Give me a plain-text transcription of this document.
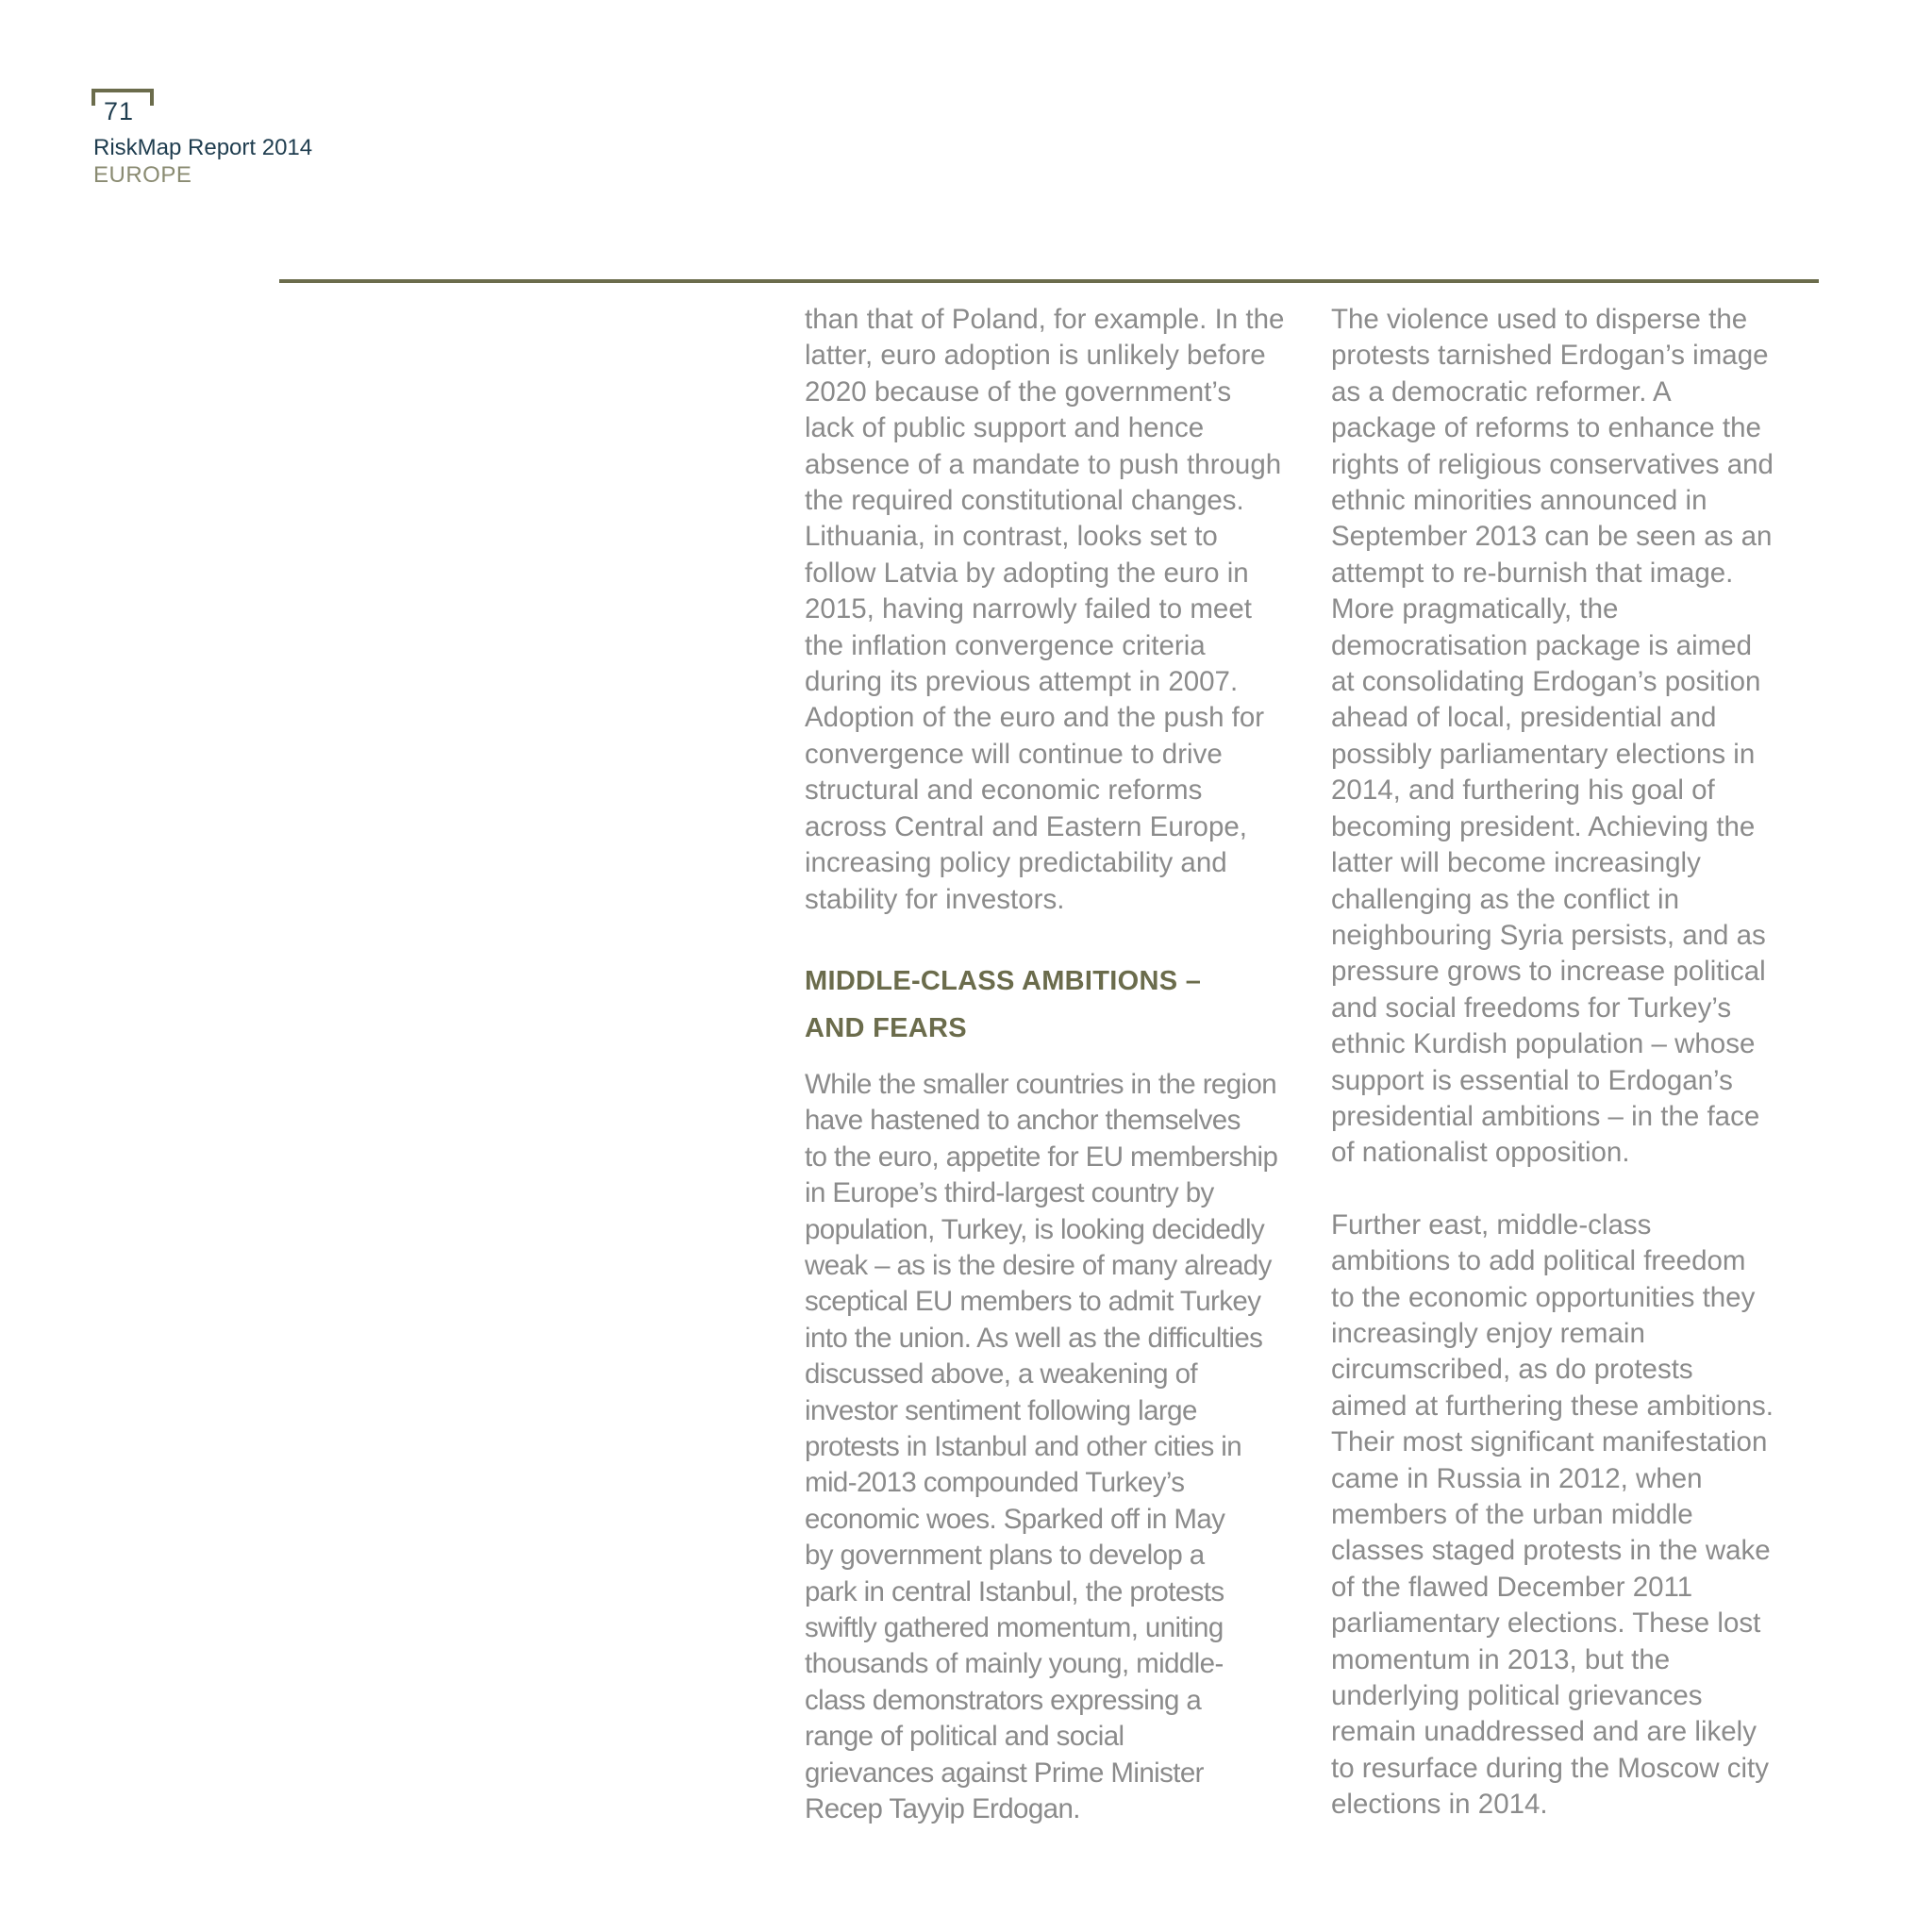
71
RiskMap Report 2014
EUROPE

than that of Poland, for example. In the
latter, euro adoption is unlikely before
2020 because of the government’s
lack of public support and hence
absence of a mandate to push through
the required constitutional changes.
Lithuania, in contrast, looks set to
follow Latvia by adopting the euro in
2015, having narrowly failed to meet
the inflation convergence criteria
during its previous attempt in 2007.
Adoption of the euro and the push for
convergence will continue to drive
structural and economic reforms
across Central and Eastern Europe,
increasing policy predictability and
stability for investors.

MIDDLE-CLASS AMBITIONS –
AND FEARS

While the smaller countries in the region
have hastened to anchor themselves
to the euro, appetite for EU membership
in Europe’s third-largest country by
population, Turkey, is looking decidedly
weak – as is the desire of many already
sceptical EU members to admit Turkey
into the union. As well as the difficulties
discussed above, a weakening of
investor sentiment following large
protests in Istanbul and other cities in
mid-2013 compounded Turkey’s
economic woes. Sparked off in May
by government plans to develop a
park in central Istanbul, the protests
swiftly gathered momentum, uniting
thousands of mainly young, middle-
class demonstrators expressing a
range of political and social
grievances against Prime Minister
Recep Tayyip Erdogan.

The violence used to disperse the
protests tarnished Erdogan’s image
as a democratic reformer. A
package of reforms to enhance the
rights of religious conservatives and
ethnic minorities announced in
September 2013 can be seen as an
attempt to re-burnish that image.
More pragmatically, the
democratisation package is aimed
at consolidating Erdogan’s position
ahead of local, presidential and
possibly parliamentary elections in
2014, and furthering his goal of
becoming president. Achieving the
latter will become increasingly
challenging as the conflict in
neighbouring Syria persists, and as
pressure grows to increase political
and social freedoms for Turkey’s
ethnic Kurdish population – whose
support is essential to Erdogan’s
presidential ambitions – in the face
of nationalist opposition.

Further east, middle-class
ambitions to add political freedom
to the economic opportunities they
increasingly enjoy remain
circumscribed, as do protests
aimed at furthering these ambitions.
Their most significant manifestation
came in Russia in 2012, when
members of the urban middle
classes staged protests in the wake
of the flawed December 2011
parliamentary elections. These lost
momentum in 2013, but the
underlying political grievances
remain unaddressed and are likely
to resurface during the Moscow city
elections in 2014.
